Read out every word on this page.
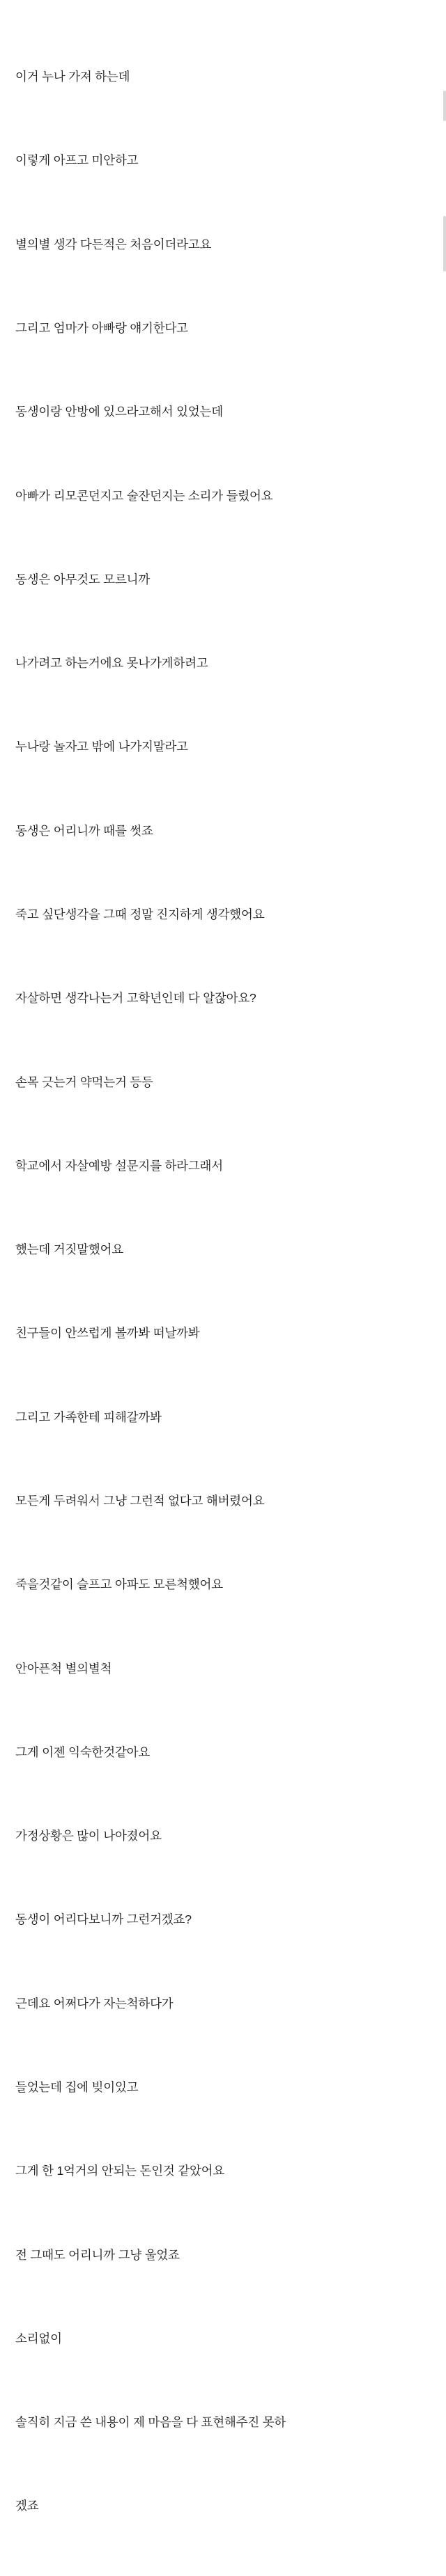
이거 누나 가져 하는데

이렇게 아프고 미안하고

별의별 생각 다든적은 처음이더라고요

그리고 엄마가 아빠랑 얘기한다고

동생이랑 안방에 있으라고해서 있었는데

아빠가 리모콘던지고 술잔던지는 소리가 들렸어요

동생은 아무것도 모르니까

나가려고 하는거에요 못나가게하려고

누나랑 놀자고 밖에 나가지말라고

동생은 어리니까 때를 썻죠

죽고 싶단생각을 그때 정말 진지하게 생각했어요

자살하면 생각나는거 고학년인데 다 알잖아요?

손목 긋는거 약먹는거 등등

학교에서 자살예방 설문지를 하라그래서

했는데 거짓말했어요

친구들이 안쓰럽게 볼까봐 떠날까봐

그리고 가족한테 피해갈까봐

모든게 두려워서 그냥 그런적 없다고 해버렸어요

죽을것같이 슬프고 아파도 모른척했어요

안아픈척 별의별척

그게 이젠 익숙한것같아요

가정상황은 많이 나아졌어요

동생이 어리다보니까 그런거겠죠?

근데요 어쩌다가 자는척하다가

들었는데 집에 빚이있고

그게 한 1억거의 안되는 돈인것 같았어요

전 그때도 어리니까 그냥 울었죠

소리없이

솔직히 지금 쓴 내용이 제 마음을 다 표현해주진 못하

겠죠
